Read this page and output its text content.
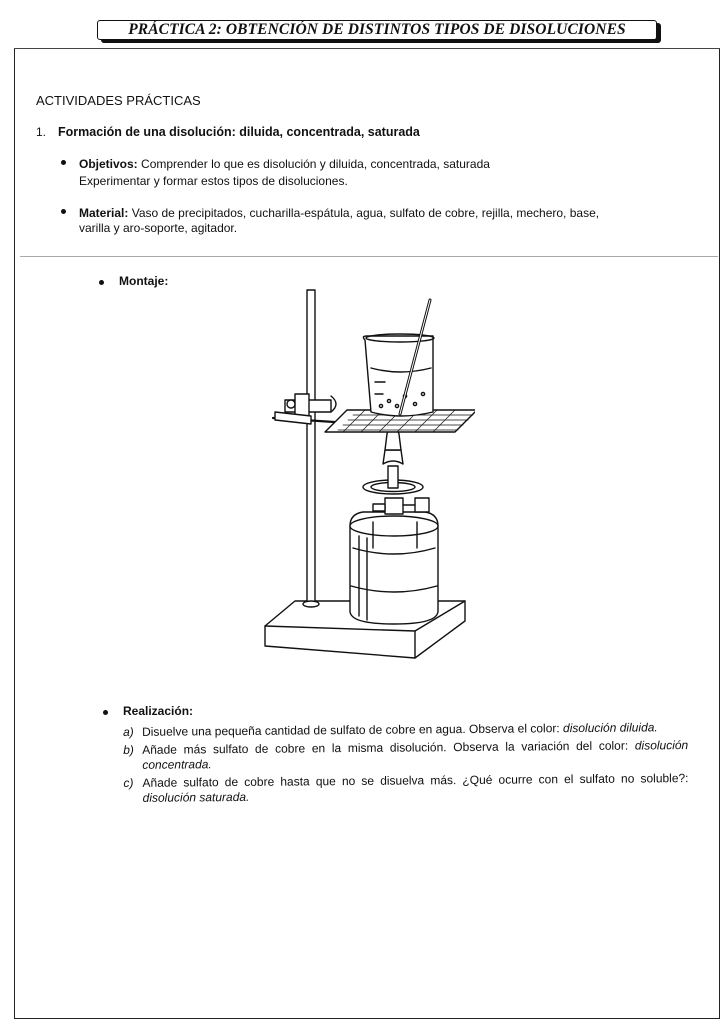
PRÁCTICA 2: OBTENCIÓN DE DISTINTOS TIPOS DE DISOLUCIONES
ACTIVIDADES PRÁCTICAS
1. Formación de una disolución: diluida, concentrada, saturada
Objetivos: Comprender lo que es disolución y diluida, concentrada, saturada
Experimentar y formar estos tipos de disoluciones.
Material: Vaso de precipitados, cucharilla-espátula, agua, sulfato de cobre, rejilla, mechero, base,
varilla y aro-soporte, agitador.
Montaje:
Realización:
a) Disuelve una pequeña cantidad de sulfato de cobre en agua. Observa el color: disolución diluida.
b) Añade más sulfato de cobre en la misma disolución. Observa la variación del color: disolución concentrada.
c) Añade sulfato de cobre hasta que no se disuelva más. ¿Qué ocurre con el sulfato no soluble?: disolución saturada.
